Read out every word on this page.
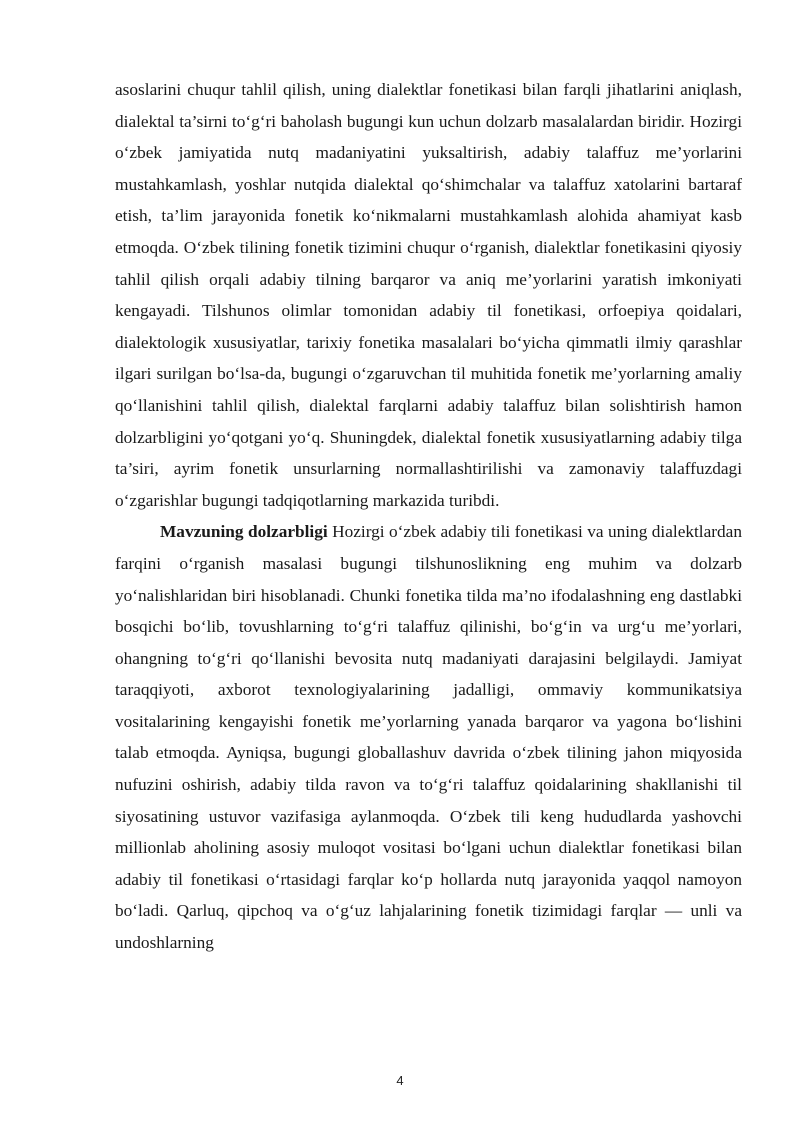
asoslarini chuqur tahlil qilish, uning dialektlar fonetikasi bilan farqli jihatlarini aniqlash, dialektal ta’sirni to‘g‘ri baholash bugungi kun uchun dolzarb masalalardan biridir. Hozirgi o‘zbek jamiyatida nutq madaniyatini yuksaltirish, adabiy talaffuz me’yorlarini mustahkamlash, yoshlar nutqida dialektal qo‘shimchalar va talaffuz xatolarini bartaraf etish, ta’lim jarayonida fonetik ko‘nikmalarni mustahkamlash alohida ahamiyat kasb etmoqda. O‘zbek tilining fonetik tizimini chuqur o‘rganish, dialektlar fonetikasini qiyosiy tahlil qilish orqali adabiy tilning barqaror va aniq me’yorlarini yaratish imkoniyati kengayadi. Tilshunos olimlar tomonidan adabiy til fonetikasi, orfoepiya qoidalari, dialektologik xususiyatlar, tarixiy fonetika masalalari bo‘yicha qimmatli ilmiy qarashlar ilgari surilgan bo‘lsa-da, bugungi o‘zgaruvchan til muhitida fonetik me’yorlarning amaliy qo‘llanishini tahlil qilish, dialektal farqlarni adabiy talaffuz bilan solishtirish hamon dolzarbligini yo‘qotgani yo‘q. Shuningdek, dialektal fonetik xususiyatlarning adabiy tilga ta’siri, ayrim fonetik unsurlarning normallashtirilishi va zamonaviy talaffuzdagi o‘zgarishlar bugungi tadqiqotlarning markazida turibdi.

Mavzuning dolzarbligi Hozirgi o‘zbek adabiy tili fonetikasi va uning dialektlardan farqini o‘rganish masalasi bugungi tilshunoslikning eng muhim va dolzarb yo‘nalishlaridan biri hisoblanadi. Chunki fonetika tilda ma’no ifodalashning eng dastlabki bosqichi bo‘lib, tovushlarning to‘g‘ri talaffuz qilinishi, bo‘g‘in va urg‘u me’yorlari, ohangning to‘g‘ri qo‘llanishi bevosita nutq madaniyati darajasini belgilaydi. Jamiyat taraqqiyoti, axborot texnologiyalarining jadalligi, ommaviy kommunikatsiya vositalarining kengayishi fonetik me’yorlarning yanada barqaror va yagona bo‘lishini talab etmoqda. Ayniqsa, bugungi globallashuv davrida o‘zbek tilining jahon miqyosida nufuzini oshirish, adabiy tilda ravon va to‘g‘ri talaffuz qoidalarining shakllanishi til siyosatining ustuvor vazifasiga aylanmoqda. O‘zbek tili keng hududlarda yashovchi millionlab aholining asosiy muloqot vositasi bo‘lgani uchun dialektlar fonetikasi bilan adabiy til fonetikasi o‘rtasidagi farqlar ko‘p hollarda nutq jarayonida yaqqol namoyon bo‘ladi. Qarluq, qipchoq va o‘g‘uz lahjalarining fonetik tizimidagi farqlar — unli va undoshlarning

4
